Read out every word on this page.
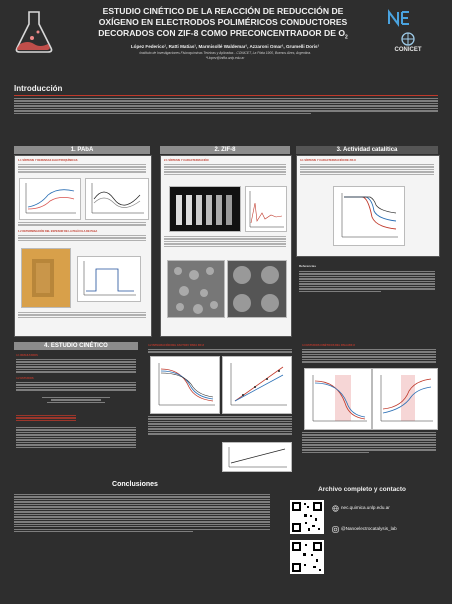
ESTUDIO CINÉTICO DE LA REACCIÓN DE REDUCCIÓN DE
OXÍGENO EN ELECTRODOS POLIMÉRICOS CONDUCTORES
DECORADOS CON ZIF-8 COMO PRECONCENTRADOR DE $O_2$
López Federico¹, Ratti Matías¹, Marmisollé Waldemar¹, Azzaroni Omar¹, Grumelli Doris¹
¹Instituto de Investigaciones Fisicoquímicas Teóricas y Aplicadas - CONICET, La Plata 1900, Buenos Aires, Argentina.
*f.lopez@inifta.unlp.edu.ar
CONICET
Introducción
1. PAbA	2. ZIF-8	3. Actividad catalítica
1.1 SÍNTESIS Y DEFENSAS ELECTROQUÍMICAS
1.2 DETERMINACIÓN DEL ESPESOR DE LA PELÍCULA DE PAbA
2.1 SÍNTESIS Y CARACTERIZACIÓN	3.1 SÍNTESIS Y CARACTERIZACIÓN DE ZIF-8
Referencias
4. ESTUDIO CINÉTICO
4.1 RESULTADOS
4.2 ESTUDIOS
4.2 INTEGRACIÓN DEL FACTOR f PARA ZIF-8	4.3 ESTUDIOS CINÉTICOS DEL PAbA/ZIF-8
Conclusiones
Archivo completo y contacto
nec.quimica.unlp.edu.ar
@Nanoelectrocatalysis_lab
